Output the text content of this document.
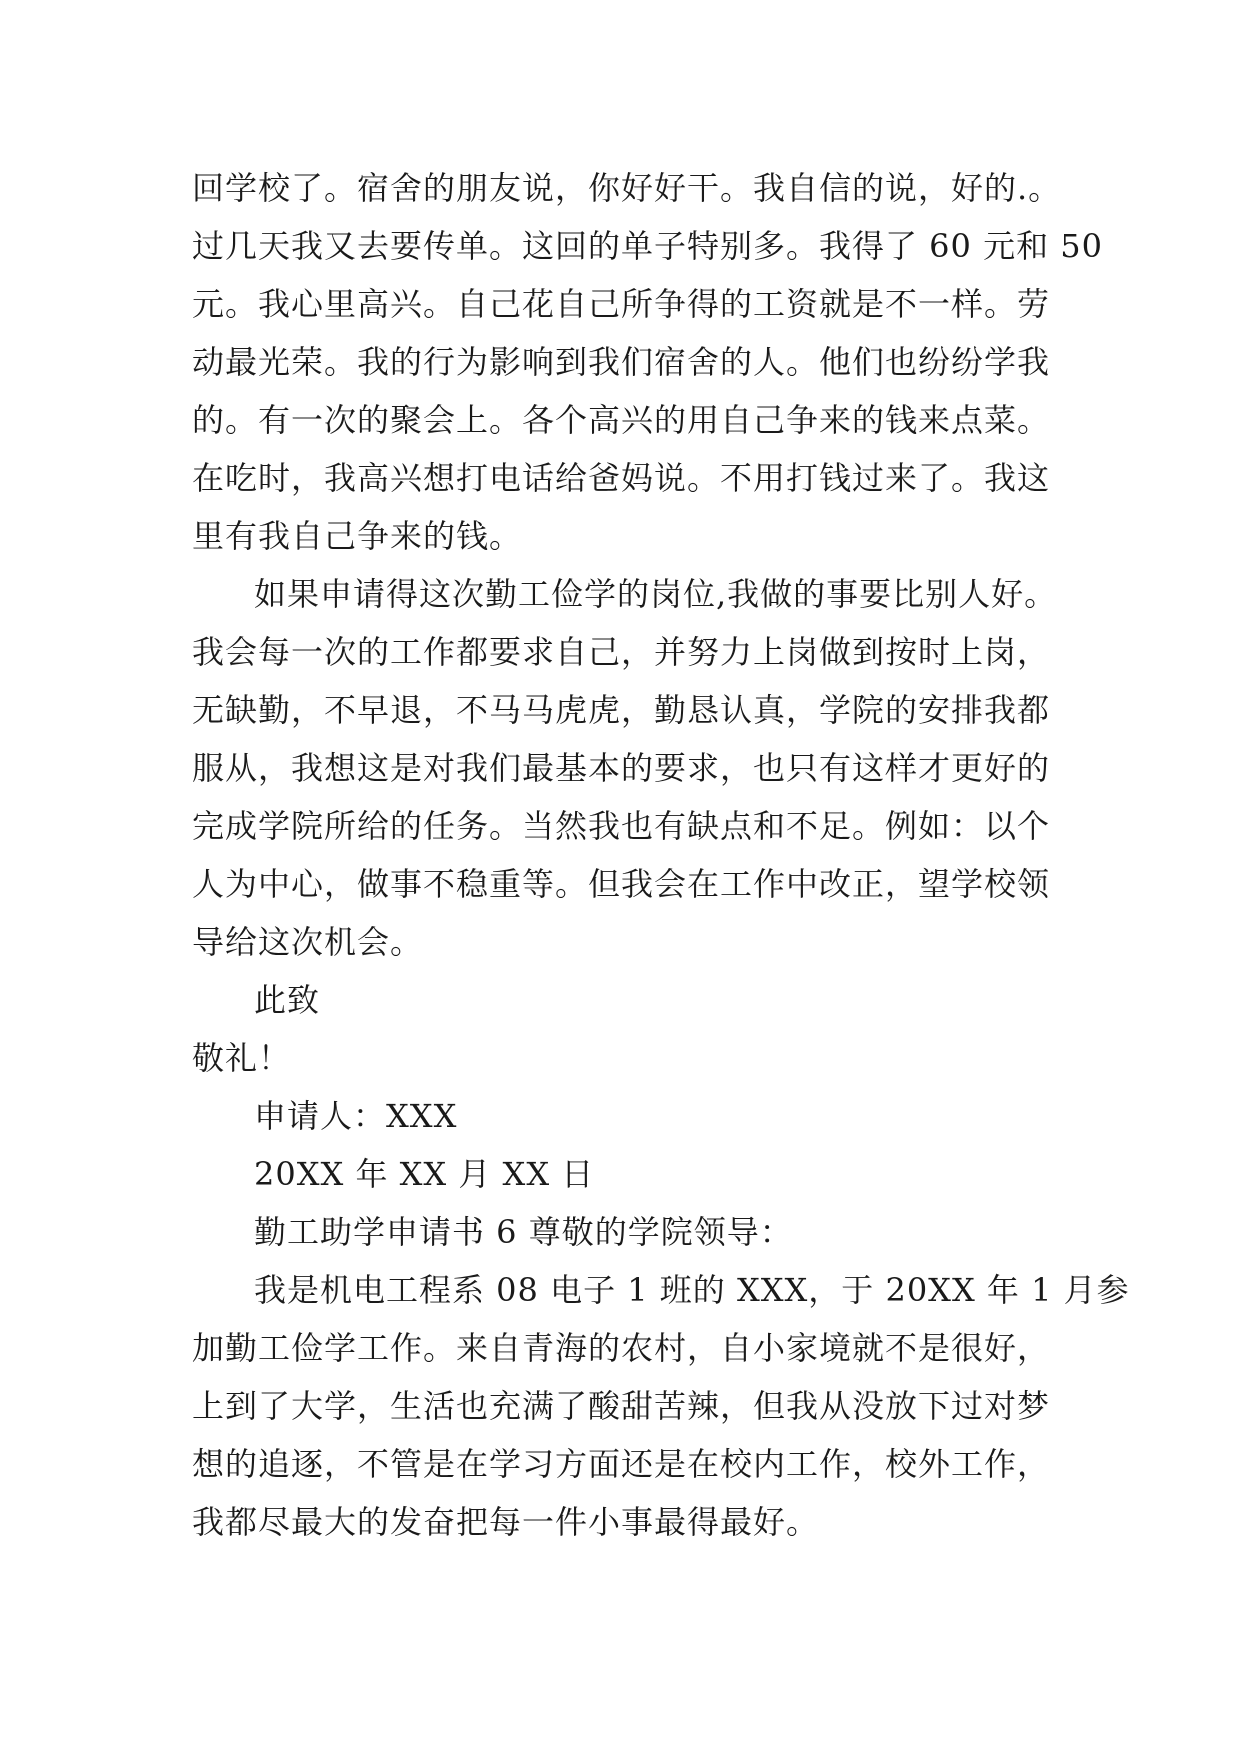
回学校了。宿舍的朋友说，你好好干。我自信的说，好的.。
过几天我又去要传单。这回的单子特别多。我得了 60 元和 50
元。我心里高兴。自己花自己所争得的工资就是不一样。劳
动最光荣。我的行为影响到我们宿舍的人。他们也纷纷学我
的。有一次的聚会上。各个高兴的用自己争来的钱来点菜。
在吃时，我高兴想打电话给爸妈说。不用打钱过来了。我这
里有我自己争来的钱。
如果申请得这次勤工俭学的岗位,我做的事要比别人好。
我会每一次的工作都要求自己，并努力上岗做到按时上岗，
无缺勤，不早退，不马马虎虎，勤恳认真，学院的安排我都
服从，我想这是对我们最基本的要求，也只有这样才更好的
完成学院所给的任务。当然我也有缺点和不足。例如：以个
人为中心，做事不稳重等。但我会在工作中改正，望学校领
导给这次机会。
此致
敬礼！
申请人：XXX
20XX 年 XX 月 XX 日
勤工助学申请书 6 尊敬的学院领导：
我是机电工程系 08 电子 1 班的 XXX，于 20XX 年 1 月参
加勤工俭学工作。来自青海的农村，自小家境就不是很好，
上到了大学，生活也充满了酸甜苦辣，但我从没放下过对梦
想的追逐，不管是在学习方面还是在校内工作，校外工作，
我都尽最大的发奋把每一件小事最得最好。
